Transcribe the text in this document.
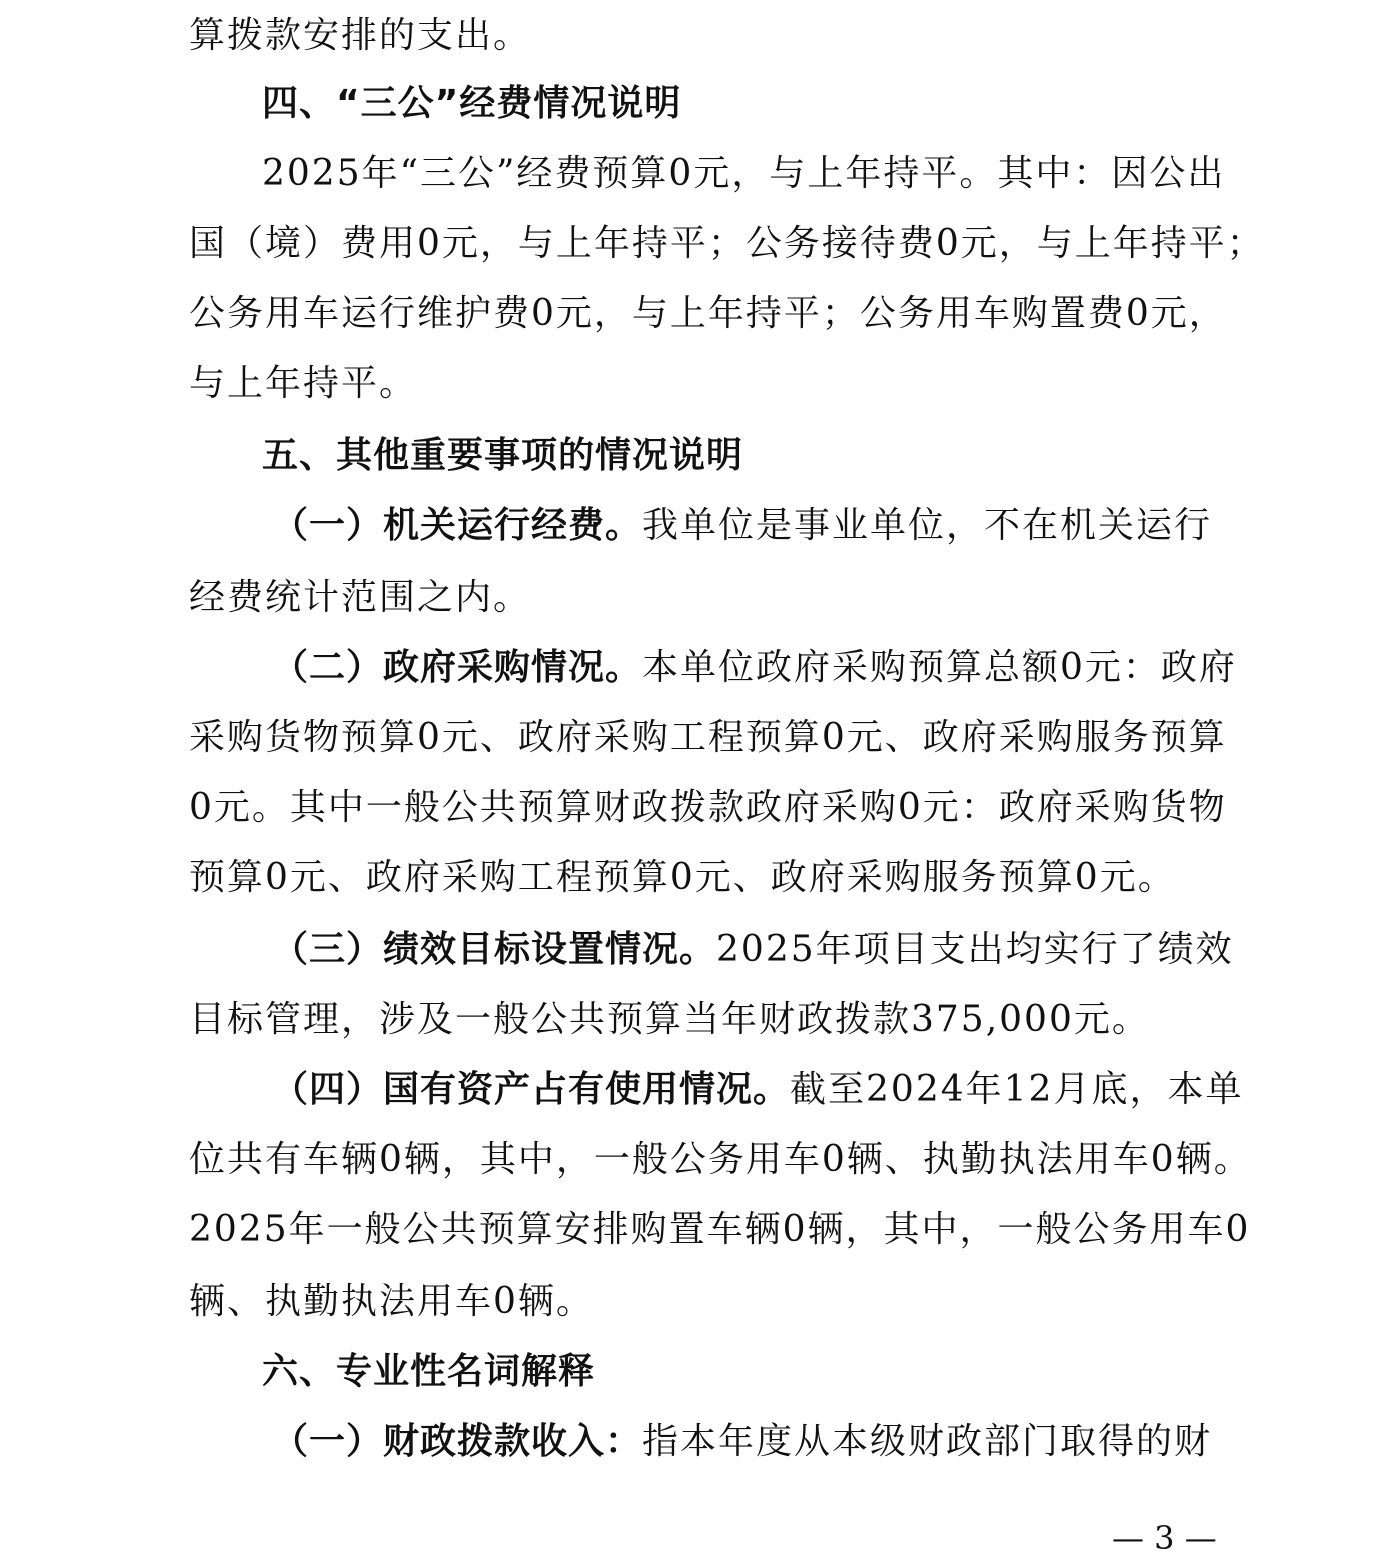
算拨款安排的支出。
四、“三公”经费情况说明
2025年“三公”经费预算0元，与上年持平。其中：因公出
国（境）费用0元，与上年持平；公务接待费0元，与上年持平；
公务用车运行维护费0元，与上年持平；公务用车购置费0元，
与上年持平。
五、其他重要事项的情况说明
（一）机关运行经费。我单位是事业单位，不在机关运行
经费统计范围之内。
（二）政府采购情况。本单位政府采购预算总额0元：政府
采购货物预算0元、政府采购工程预算0元、政府采购服务预算
0元。其中一般公共预算财政拨款政府采购0元：政府采购货物
预算0元、政府采购工程预算0元、政府采购服务预算0元。
（三）绩效目标设置情况。2025年项目支出均实行了绩效
目标管理，涉及一般公共预算当年财政拨款375,000元。
（四）国有资产占有使用情况。截至2024年12月底，本单
位共有车辆0辆，其中，一般公务用车0辆、执勤执法用车0辆。
2025年一般公共预算安排购置车辆0辆，其中，一般公务用车0
辆、执勤执法用车0辆。
六、专业性名词解释
（一）财政拨款收入：指本年度从本级财政部门取得的财
— 3 —
